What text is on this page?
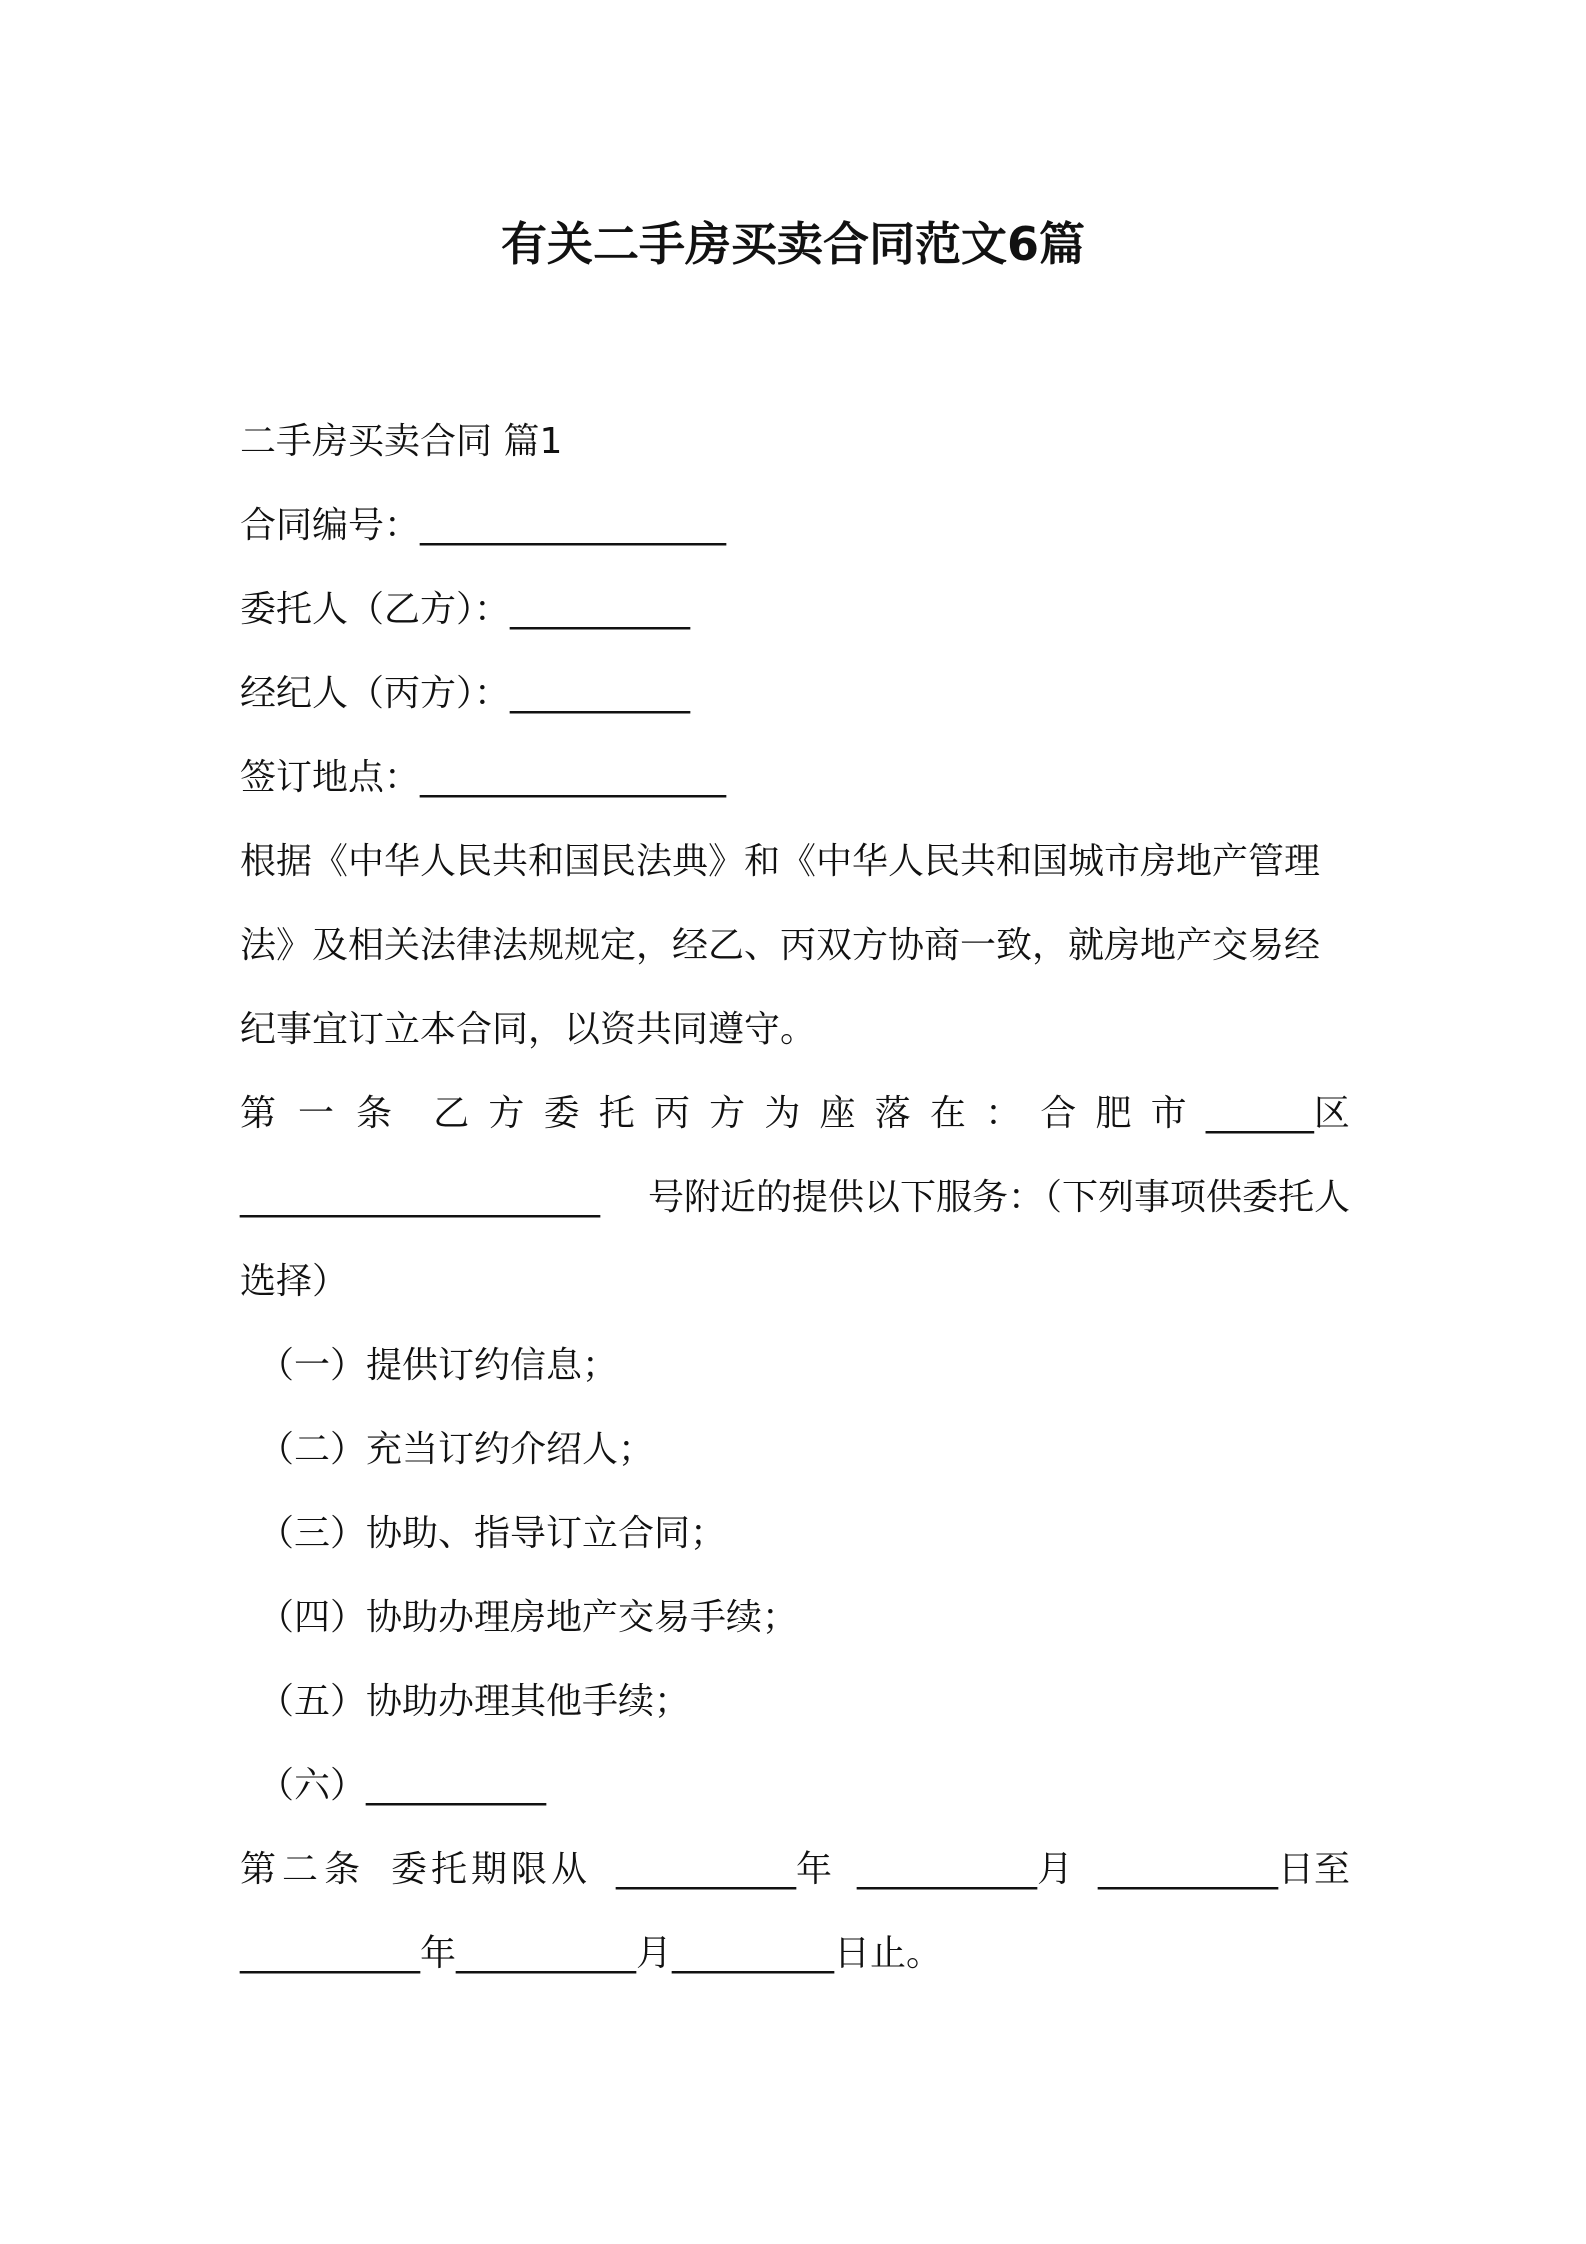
有关二手房买卖合同范文6篇
二手房买卖合同 篇1
合同编号：_________________
委托人（乙方）：__________
经纪人（丙方）：__________
签订地点：_________________
根据《中华人民共和国民法典》和《中华人民共和国城市房地产管理
法》及相关法律法规规定，经乙、丙双方协商一致，就房地产交易经
纪事宜订立本合同，以资共同遵守。
第一条 乙 方 委 托 丙 方 为 座 落 在 ： 合 肥 市 ______区
____________________ 号附近的提供以下服务：（下列事项供委托人
选择）
（一）提供订约信息；
（二）充当订约介绍人；
（三）协助、指导订立合同；
（四）协助办理房地产交易手续；
（五）协助办理其他手续；
（六）__________
第二条 委托期限从 __________年 __________月 __________日至
__________年__________月_________日止。
